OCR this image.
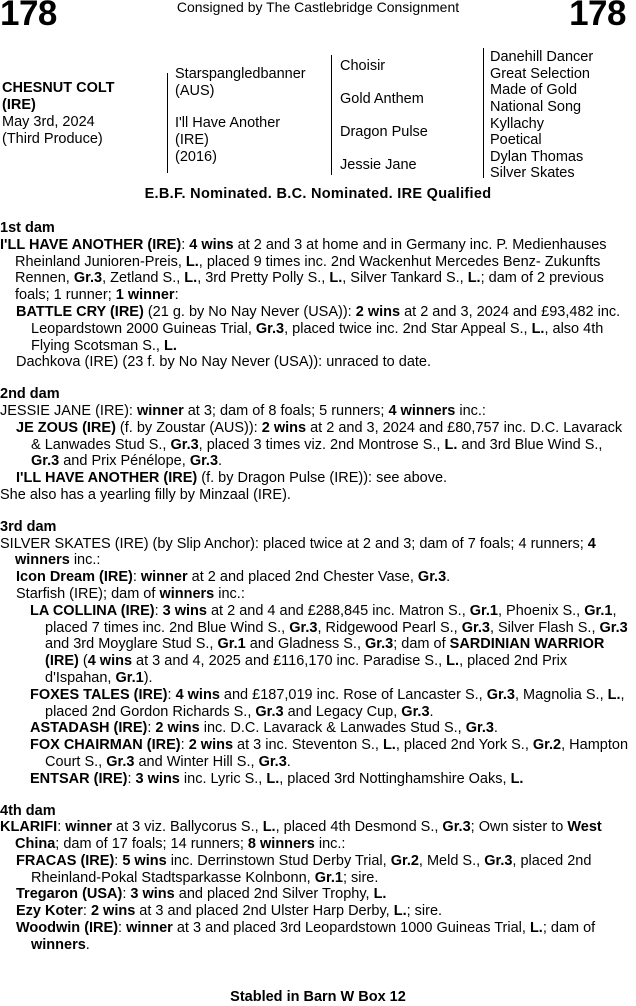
178	Consigned by The Castlebridge Consignment	178
CHESNUT COLT
(IRE)
May 3rd, 2024
(Third Produce)
Starspangledbanner
(AUS)
I'll Have Another
(IRE)
(2016)
Choisir
Gold Anthem
Dragon Pulse
Jessie Jane
Danehill Dancer
Great Selection
Made of Gold
National Song
Kyllachy
Poetical
Dylan Thomas
Silver Skates
E.B.F. Nominated. B.C. Nominated. IRE Qualified
1st dam
I'LL HAVE ANOTHER (IRE): 4 wins at 2 and 3 at home and in Germany inc. P. Medienhauses Rheinland Junioren-Preis, L., placed 9 times inc. 2nd Wackenhut Mercedes Benz- Zukunfts Rennen, Gr.3, Zetland S., L., 3rd Pretty Polly S., L., Silver Tankard S., L.; dam of 2 previous foals; 1 runner; 1 winner:
BATTLE CRY (IRE) (21 g. by No Nay Never (USA)): 2 wins at 2 and 3, 2024 and £93,482 inc. Leopardstown 2000 Guineas Trial, Gr.3, placed twice inc. 2nd Star Appeal S., L., also 4th Flying Scotsman S., L.
Dachkova (IRE) (23 f. by No Nay Never (USA)): unraced to date.
2nd dam
JESSIE JANE (IRE): winner at 3; dam of 8 foals; 5 runners; 4 winners inc.:
JE ZOUS (IRE) (f. by Zoustar (AUS)): 2 wins at 2 and 3, 2024 and £80,757 inc. D.C. Lavarack & Lanwades Stud S., Gr.3, placed 3 times viz. 2nd Montrose S., L. and 3rd Blue Wind S., Gr.3 and Prix Pénélope, Gr.3.
I'LL HAVE ANOTHER (IRE) (f. by Dragon Pulse (IRE)): see above.
She also has a yearling filly by Minzaal (IRE).
3rd dam
SILVER SKATES (IRE) (by Slip Anchor): placed twice at 2 and 3; dam of 7 foals; 4 runners; 4 winners inc.:
Icon Dream (IRE): winner at 2 and placed 2nd Chester Vase, Gr.3.
Starfish (IRE); dam of winners inc.:
LA COLLINA (IRE): 3 wins at 2 and 4 and £288,845 inc. Matron S., Gr.1, Phoenix S., Gr.1, placed 7 times inc. 2nd Blue Wind S., Gr.3, Ridgewood Pearl S., Gr.3, Silver Flash S., Gr.3 and 3rd Moyglare Stud S., Gr.1 and Gladness S., Gr.3; dam of SARDINIAN WARRIOR (IRE) (4 wins at 3 and 4, 2025 and £116,170 inc. Paradise S., L., placed 2nd Prix d'Ispahan, Gr.1).
FOXES TALES (IRE): 4 wins and £187,019 inc. Rose of Lancaster S., Gr.3, Magnolia S., L., placed 2nd Gordon Richards S., Gr.3 and Legacy Cup, Gr.3.
ASTADASH (IRE): 2 wins inc. D.C. Lavarack & Lanwades Stud S., Gr.3.
FOX CHAIRMAN (IRE): 2 wins at 3 inc. Steventon S., L., placed 2nd York S., Gr.2, Hampton Court S., Gr.3 and Winter Hill S., Gr.3.
ENTSAR (IRE): 3 wins inc. Lyric S., L., placed 3rd Nottinghamshire Oaks, L.
4th dam
KLARIFI: winner at 3 viz. Ballycorus S., L., placed 4th Desmond S., Gr.3; Own sister to West China; dam of 17 foals; 14 runners; 8 winners inc.:
FRACAS (IRE): 5 wins inc. Derrinstown Stud Derby Trial, Gr.2, Meld S., Gr.3, placed 2nd Rheinland-Pokal Stadtsparkasse Kolnbonn, Gr.1; sire.
Tregaron (USA): 3 wins and placed 2nd Silver Trophy, L.
Ezy Koter: 2 wins at 3 and placed 2nd Ulster Harp Derby, L.; sire.
Woodwin (IRE): winner at 3 and placed 3rd Leopardstown 1000 Guineas Trial, L.; dam of winners.
Stabled in Barn W Box 12
